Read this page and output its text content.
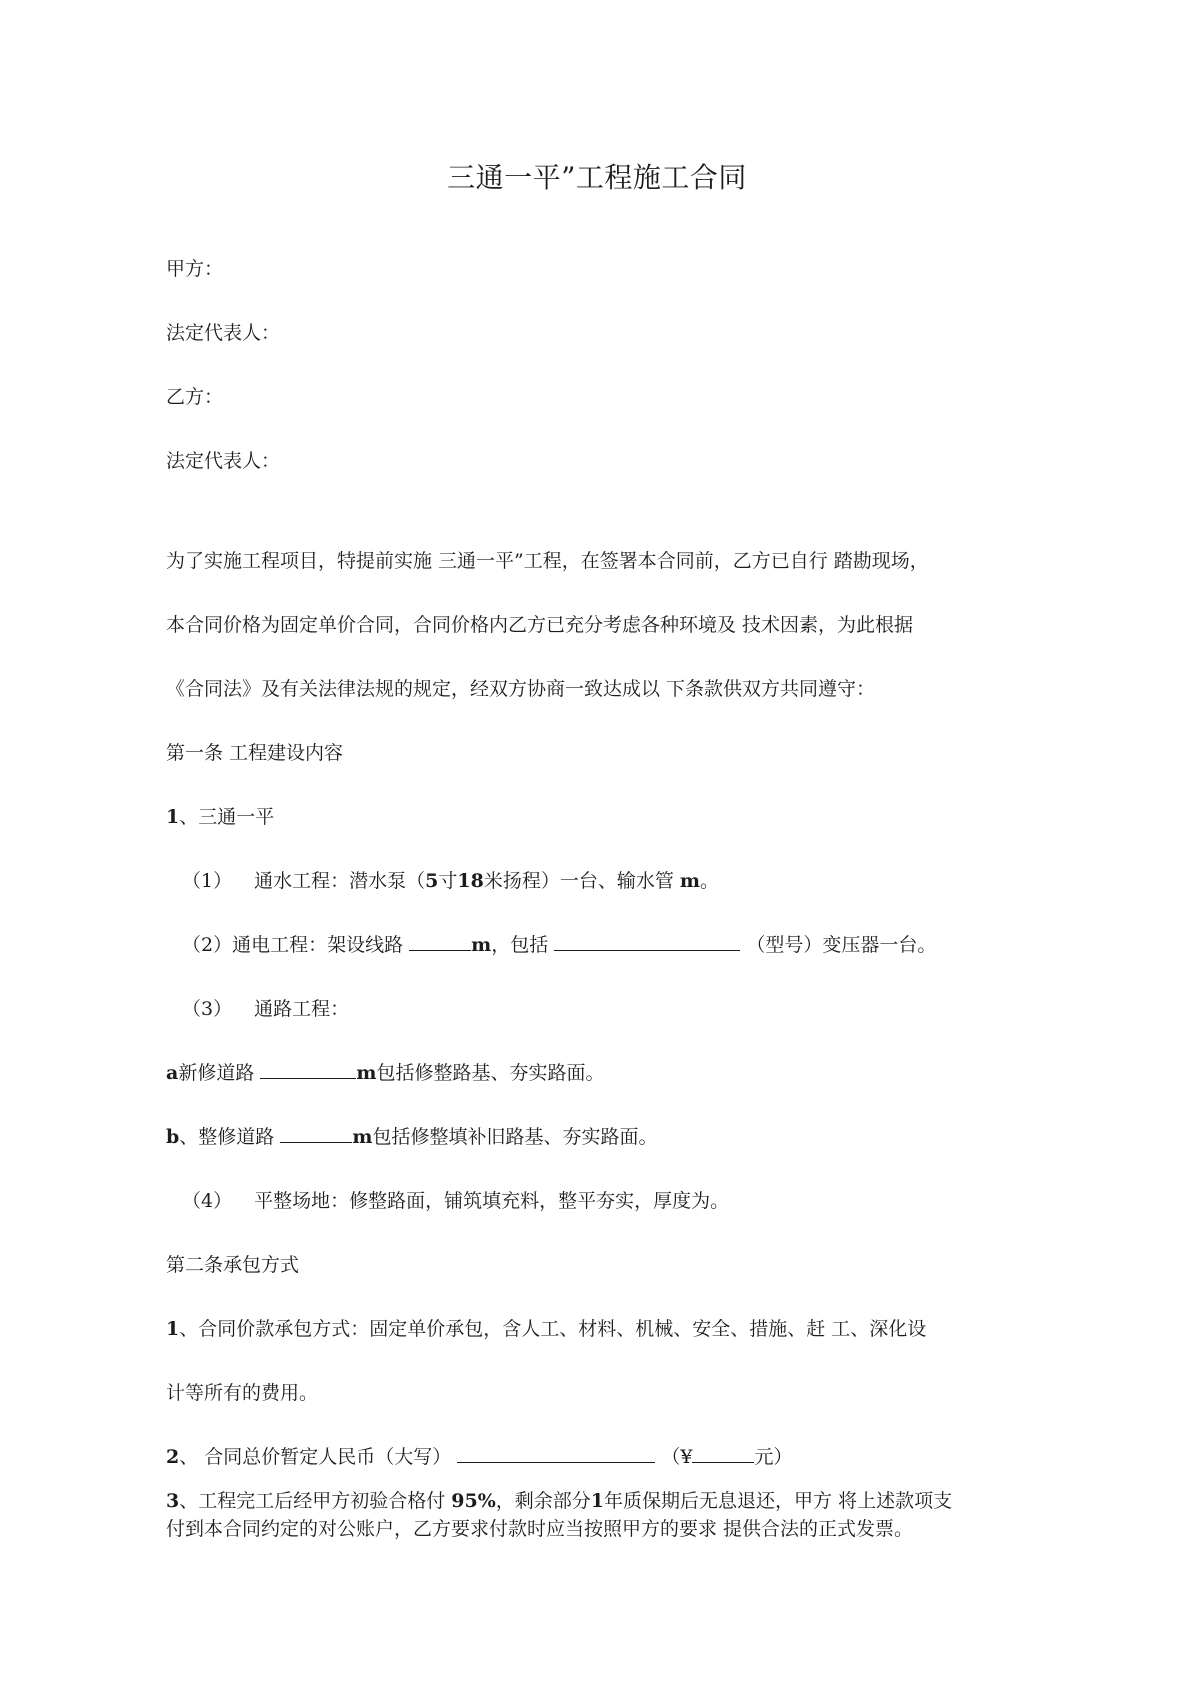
三通一平”工程施工合同
甲方：
法定代表人：
乙方：
法定代表人：
为了实施工程项目，特提前实施 三通一平”工程，在签署本合同前，乙方已自行 踏勘现场，
本合同价格为固定单价合同，合同价格内乙方已充分考虑各种环境及 技术因素，为此根据
《合同法》及有关法律法规的规定，经双方协商一致达成以 下条款供双方共同遵守：
第一条 工程建设内容
1、三通一平
（1） 通水工程：潜水泵（5寸18米扬程）一台、输水管 m。
（2）通电工程：架设线路	m，包括	（型号）变压器一台。
（3） 通路工程：
a新修道路	m包括修整路基、夯实路面。
b、整修道路	m包括修整填补旧路基、夯实路面。
（4） 平整场地：修整路面，铺筑填充料，整平夯实，厚度为。
第二条承包方式
1、合同价款承包方式：固定单价承包，含人工、材料、机械、安全、措施、赶 工、深化设
计等所有的费用。
2、 合同总价暂定人民币（大写）	（¥	元）
3、工程完工后经甲方初验合格付 95%，剩余部分1年质保期后无息退还，甲方 将上述款项支
付到本合同约定的对公账户，乙方要求付款时应当按照甲方的要求 提供合法的正式发票。
